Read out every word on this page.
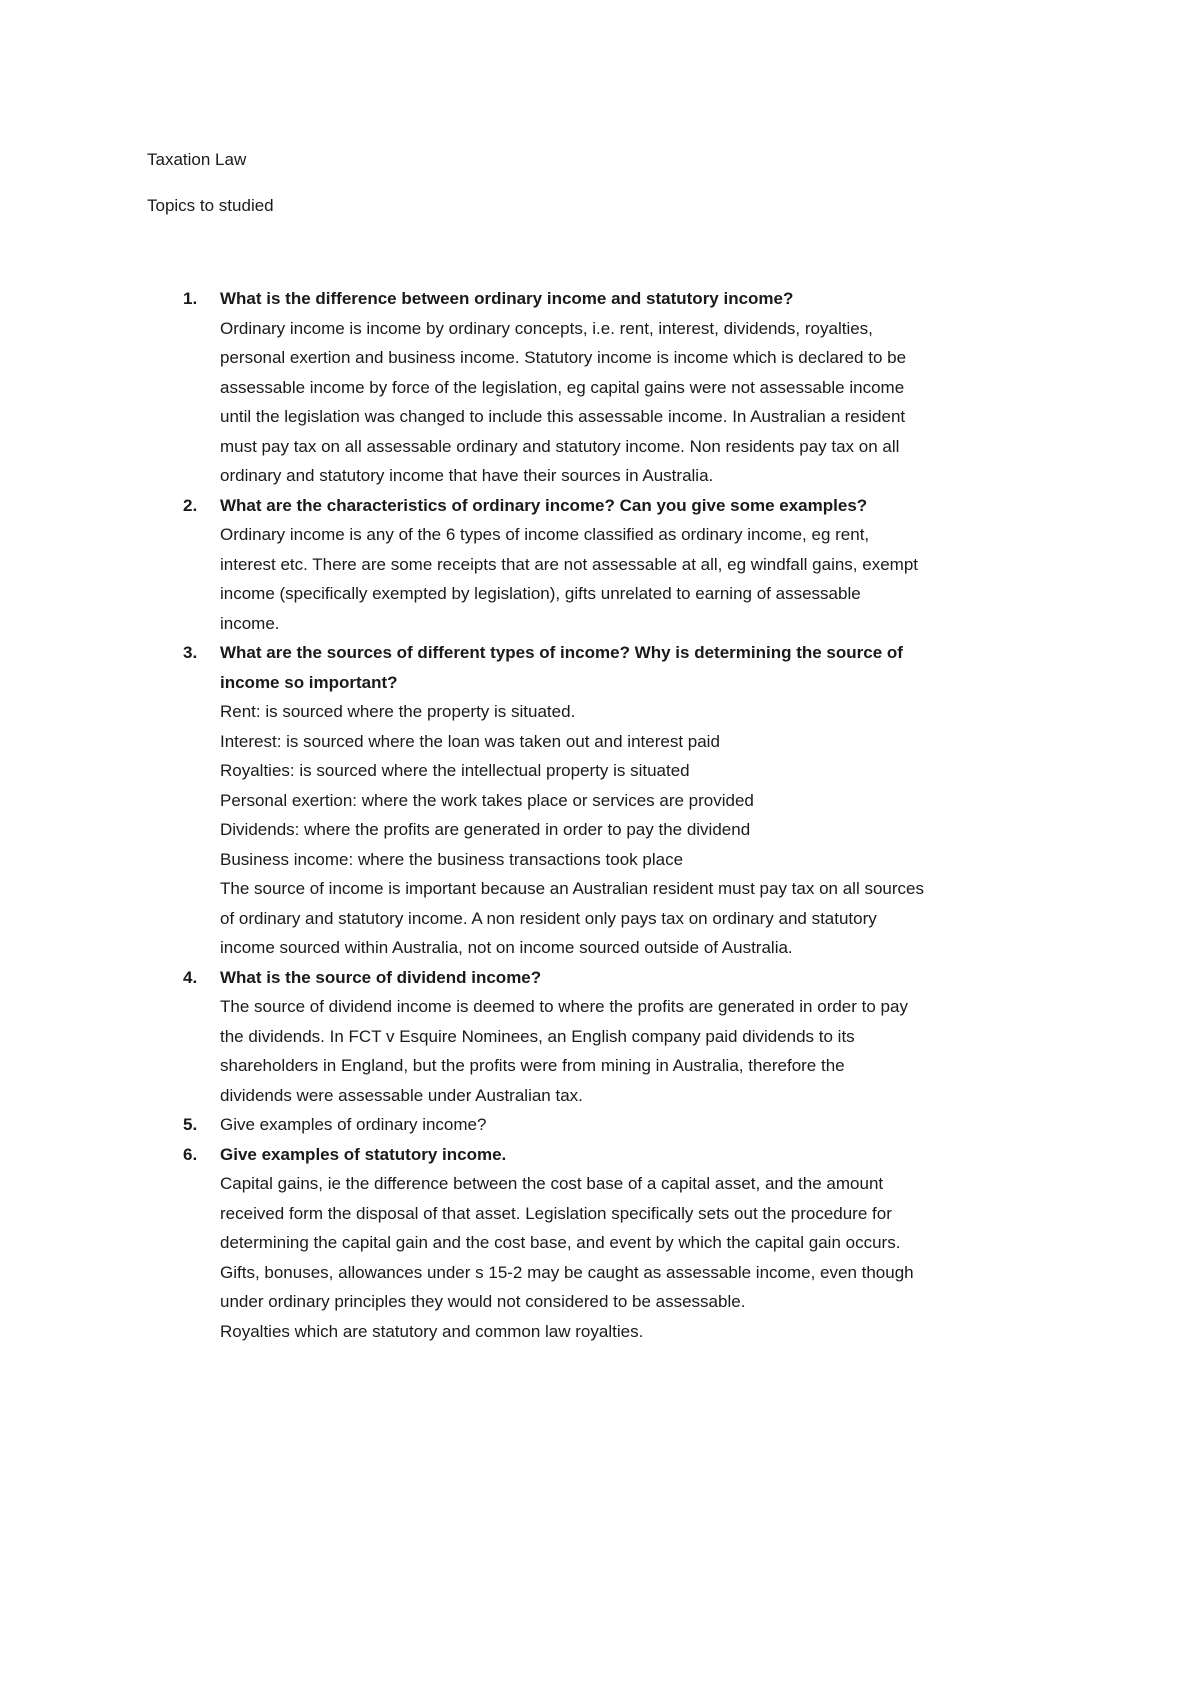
Taxation Law
Topics to studied
1. What is the difference between ordinary income and statutory income?
Ordinary income is income by ordinary concepts, i.e. rent, interest, dividends, royalties,
personal exertion and business income. Statutory income is income which is declared to be
assessable income by force of the legislation, eg capital gains were not assessable income
until the legislation was changed to include this assessable income. In Australian a resident
must pay tax on all assessable ordinary and statutory income. Non residents pay tax on all
ordinary and statutory income that have their sources in Australia.
2. What are the characteristics of ordinary income? Can you give some examples?
Ordinary income is any of the 6 types of income classified as ordinary income, eg rent,
interest etc. There are some receipts that are not assessable at all, eg windfall gains, exempt
income (specifically exempted by legislation), gifts unrelated to earning of assessable
income.
3. What are the sources of different types of income? Why is determining the source of
income so important?
Rent: is sourced where the property is situated.
Interest: is sourced where the loan was taken out and interest paid
Royalties: is sourced where the intellectual property is situated
Personal exertion: where the work takes place or services are provided
Dividends: where the profits are generated in order to pay the dividend
Business income: where the business transactions took place
The source of income is important because an Australian resident must pay tax on all sources
of ordinary and statutory income. A non resident only pays tax on ordinary and statutory
income sourced within Australia, not on income sourced outside of Australia.
4. What is the source of dividend income?
The source of dividend income is deemed to where the profits are generated in order to pay
the dividends. In FCT v Esquire Nominees, an English company paid dividends to its
shareholders in England, but the profits were from mining in Australia, therefore the
dividends were assessable under Australian tax.
5. Give examples of ordinary income?
6. Give examples of statutory income.
Capital gains, ie the difference between the cost base of a capital asset, and the amount
received form the disposal of that asset. Legislation specifically sets out the procedure for
determining the capital gain and the cost base, and event by which the capital gain occurs.
Gifts, bonuses, allowances under s 15-2 may be caught as assessable income, even though
under ordinary principles they would not considered to be assessable.
Royalties which are statutory and common law royalties.
